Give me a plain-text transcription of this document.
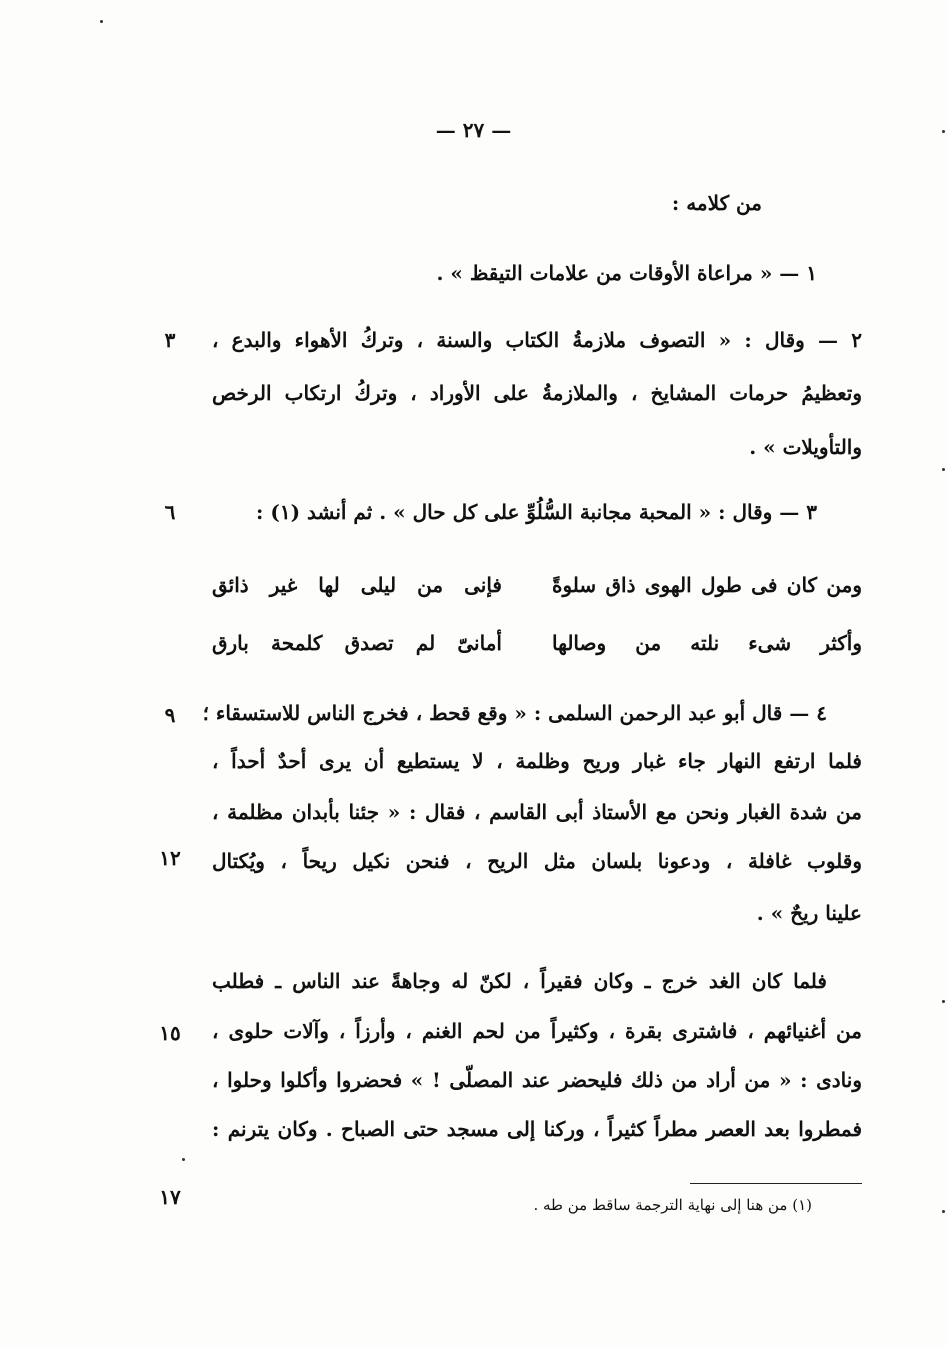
— ٢٧ —
من كلامه :
١ — « مراعاة الأوقات من علامات التيقظ » .
٢ — وقال : « التصوف ملازمةُ الكتاب والسنة ، وتركُ الأهواء والبدع ،
وتعظيمُ حرمات المشايخ ، والملازمةُ على الأوراد ، وتركُ ارتكاب الرخص
والتأويلات » .
٣ — وقال : « المحبة مجانبة السُّلُوِّ على كل حال » . ثم أنشد (١) :
ومن كان فى طول الهوى ذاق سلوةً
فإنى من ليلى لها غير ذائق
وأكثر شىء نلته من وصالها
أمانىّ لم تصدق كلمحة بارق
٤ — قال أبو عبد الرحمن السلمى : « وقع قحط ، فخرج الناس للاستسقاء ؛
فلما ارتفع النهار جاء غبار وريح وظلمة ، لا يستطيع أن يرى أحدٌ أحداً ،
من شدة الغبار ونحن مع الأستاذ أبى القاسم ، فقال : « جئنا بأبدان مظلمة ،
وقلوب غافلة ، ودعونا بلسان مثل الريح ، فنحن نكيل ريحاً ، ويُكتال
علينا ريحٌ » .
فلما كان الغد خرج ـ وكان فقيراً ، لكنّ له وجاهةً عند الناس ـ فطلب
من أغنيائهم ، فاشترى بقرة ، وكثيراً من لحم الغنم ، وأرزاً ، وآلات حلوى ،
ونادى : « من أراد من ذلك فليحضر عند المصلّى ! » فحضروا وأكلوا وحلوا ،
فمطروا بعد العصر مطراً كثيراً ، وركنا إلى مسجد حتى الصباح . وكان يترنم :
٣
٦
٩
١٢
١٥
١٧	(١) من هنا إلى نهاية الترجمة ساقط من طه .
